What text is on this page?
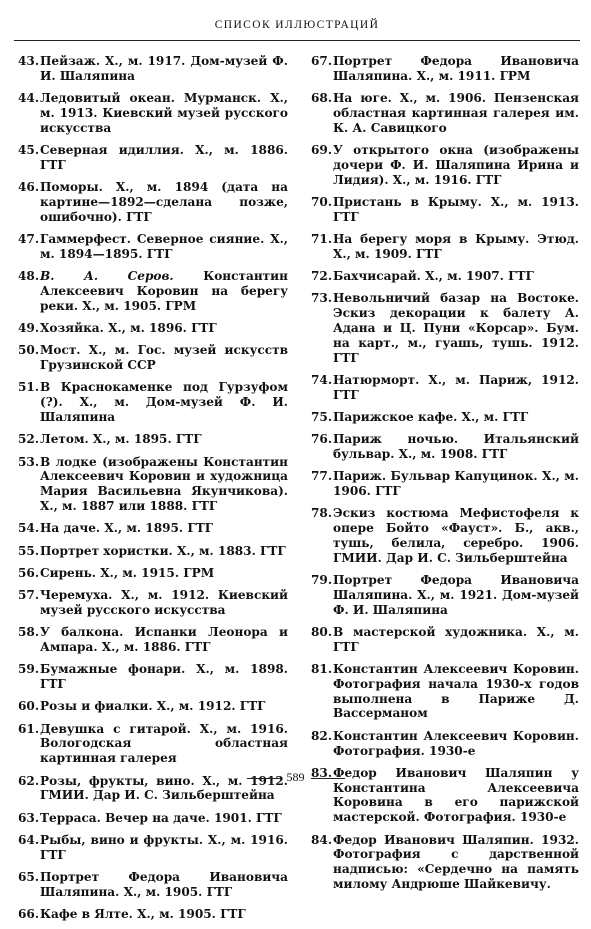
СПИСОК ИЛЛЮСТРАЦИЙ
43. Пейзаж. Х., м. 1917. Дом-музей Ф. И. Шаляпина
44. Ледовитый океан. Мурманск. Х., м. 1913. Киевский музей русского искусства
45. Северная идиллия. Х., м. 1886. ГТГ
46. Поморы. Х., м. 1894 (дата на картине—1892—сделана позже, ошибочно). ГТГ
47. Гаммерфест. Северное сияние. Х., м. 1894—1895. ГТГ
48. В. А. Серов. Константин Алексеевич Коровин на берегу реки. Х., м. 1905. ГРМ
49. Хозяйка. Х., м. 1896. ГТГ
50. Мост. Х., м. Гос. музей искусств Грузинской ССР
51. В Краснокаменке под Гурзуфом (?). Х., м. Дом-музей Ф. И. Шаляпина
52. Летом. Х., м. 1895. ГТГ
53. В лодке (изображены Константин Алексеевич Коровин и художница Мария Васильевна Якунчикова). Х., м. 1887 или 1888. ГТГ
54. На даче. Х., м. 1895. ГТГ
55. Портрет хористки. Х., м. 1883. ГТГ
56. Сирень. Х., м. 1915. ГРМ
57. Черемуха. Х., м. 1912. Киевский музей русского искусства
58. У балкона. Испанки Леонора и Ампара. Х., м. 1886. ГТГ
59. Бумажные фонари. Х., м. 1898. ГТГ
60. Розы и фиалки. Х., м. 1912. ГТГ
61. Девушка с гитарой. Х., м. 1916. Вологодская областная картинная галерея
62. Розы, фрукты, вино. Х., м. 1912. ГМИИ. Дар И. С. Зильберштейна
63. Терраса. Вечер на даче. 1901. ГТГ
64. Рыбы, вино и фрукты. Х., м. 1916. ГТГ
65. Портрет Федора Ивановича Шаляпина. Х., м. 1905. ГТГ
66. Кафе в Ялте. Х., м. 1905. ГТГ
67. Портрет Федора Ивановича Шаляпина. Х., м. 1911. ГРМ
68. На юге. Х., м. 1906. Пензенская областная картинная галерея им. К. А. Савицкого
69. У открытого окна (изображены дочери Ф. И. Шаляпина Ирина и Лидия). Х., м. 1916. ГТГ
70. Пристань в Крыму. Х., м. 1913. ГТГ
71. На берегу моря в Крыму. Этюд. Х., м. 1909. ГТГ
72. Бахчисарай. Х., м. 1907. ГТГ
73. Невольничий базар на Востоке. Эскиз декорации к балету А. Адана и Ц. Пуни «Корсар». Бум. на карт., м., гуашь, тушь. 1912. ГТГ
74. Натюрморт. Х., м. Париж, 1912. ГТГ
75. Парижское кафе. Х., м. ГТГ
76. Париж ночью. Итальянский бульвар. Х., м. 1908. ГТГ
77. Париж. Бульвар Капуцинок. Х., м. 1906. ГТГ
78. Эскиз костюма Мефистофеля к опере Бойто «Фауст». Б., акв., тушь, белила, серебро. 1906. ГМИИ. Дар И. С. Зильберштейна
79. Портрет Федора Ивановича Шаляпина. Х., м. 1921. Дом-музей Ф. И. Шаляпина
80. В мастерской художника. Х., м. ГТГ
81. Константин Алексеевич Коровин. Фотография начала 1930-х годов выполнена в Париже Д. Вассерманом
82. Константин Алексеевич Коровин. Фотография. 1930-е
83. Федор Иванович Шаляпин у Константина Алексеевича Коровина в его парижской мастерской. Фотография. 1930-е
84. Федор Иванович Шаляпин. 1932. Фотография с дарственной надписью: «Сердечно на память милому Андрюше Шайкевичу.
589
